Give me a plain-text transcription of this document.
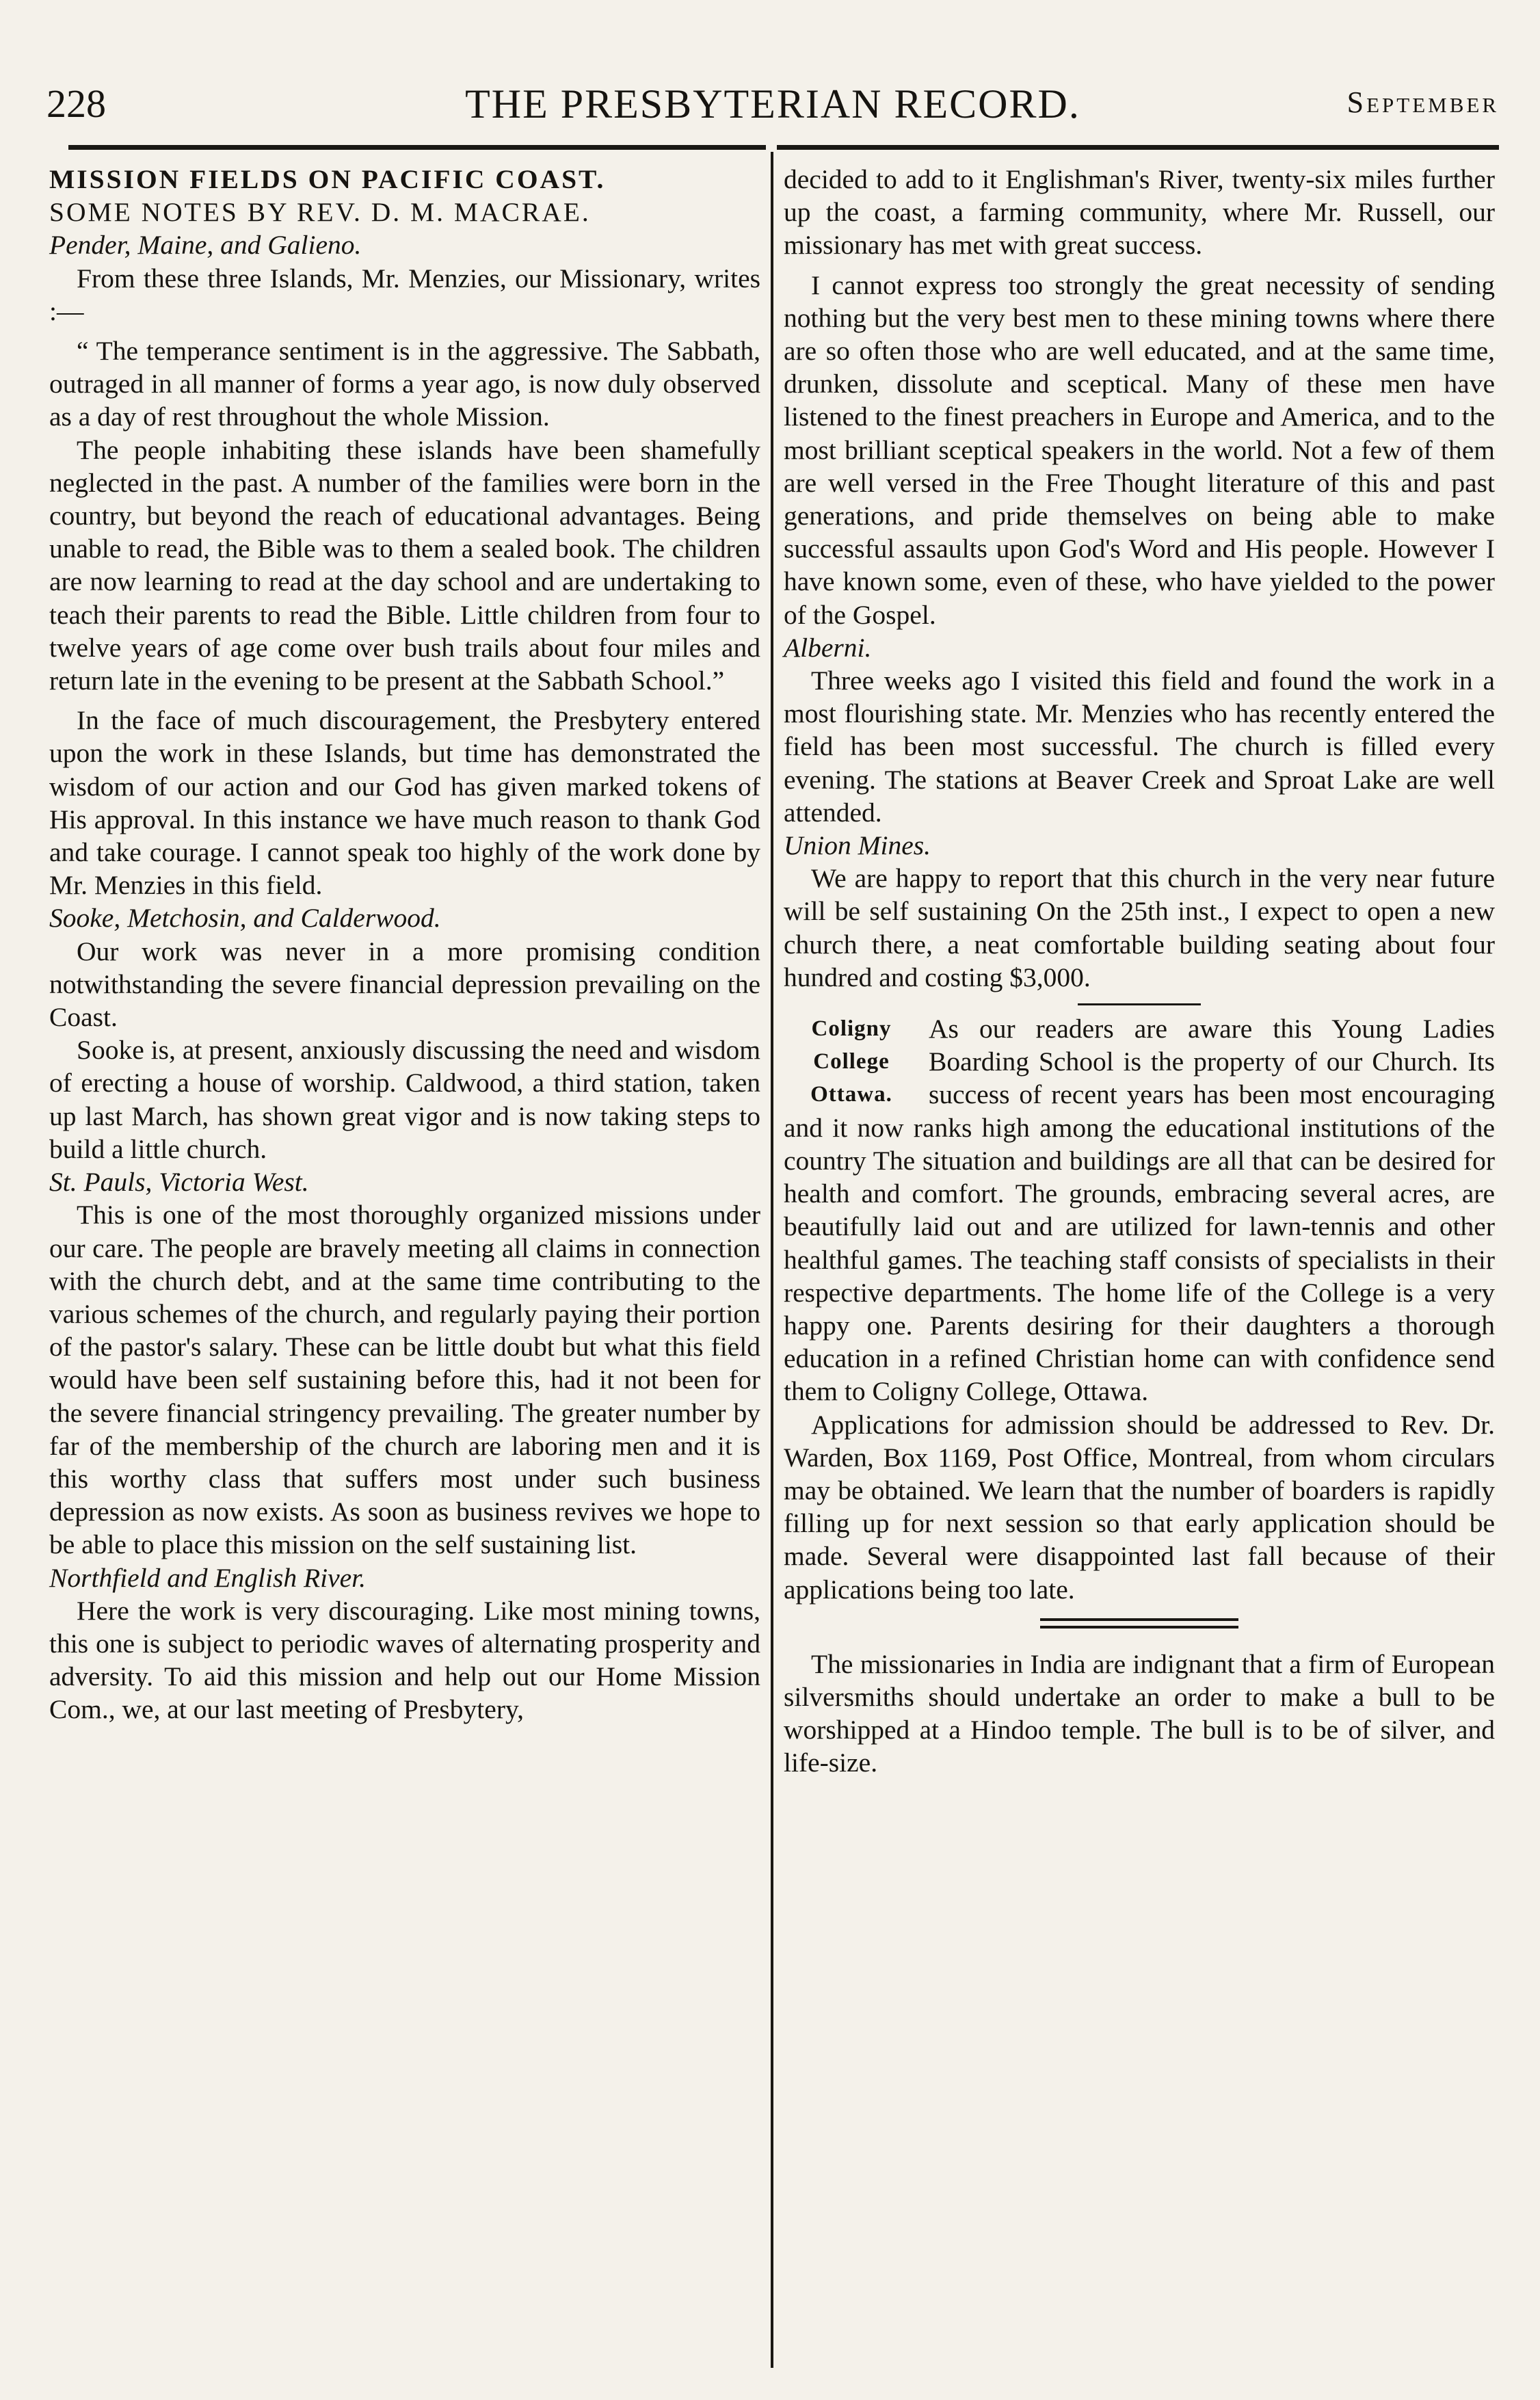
228	THE PRESBYTERIAN RECORD.	September

MISSION FIELDS ON PACIFIC COAST.

SOME NOTES BY REV. D. M. MACRAE.

Pender, Maine, and Galieno.

From these three Islands, Mr. Menzies, our Missionary, writes :—

“ The temperance sentiment is in the aggressive. The Sabbath, outraged in all manner of forms a year ago, is now duly observed as a day of rest throughout the whole Mission.

The people inhabiting these islands have been shamefully neglected in the past. A number of the families were born in the country, but beyond the reach of educational advantages. Being unable to read, the Bible was to them a sealed book. The children are now learning to read at the day school and are undertaking to teach their parents to read the Bible. Little children from four to twelve years of age come over bush trails about four miles and return late in the evening to be present at the Sabbath School.”

In the face of much discouragement, the Presbytery entered upon the work in these Islands, but time has demonstrated the wisdom of our action and our God has given marked tokens of His approval. In this instance we have much reason to thank God and take courage. I cannot speak too highly of the work done by Mr. Menzies in this field.

Sooke, Metchosin, and Calderwood.

Our work was never in a more promising condition notwithstanding the severe financial depression prevailing on the Coast.

Sooke is, at present, anxiously discussing the need and wisdom of erecting a house of worship. Caldwood, a third station, taken up last March, has shown great vigor and is now taking steps to build a little church.

St. Pauls, Victoria West.

This is one of the most thoroughly organized missions under our care. The people are bravely meeting all claims in connection with the church debt, and at the same time contributing to the various schemes of the church, and regularly paying their portion of the pastor's salary. These can be little doubt but what this field would have been self sustaining before this, had it not been for the severe financial stringency prevailing. The greater number by far of the membership of the church are laboring men and it is this worthy class that suffers most under such business depression as now exists. As soon as business revives we hope to be able to place this mission on the self sustaining list.

Northfield and English River.

Here the work is very discouraging. Like most mining towns, this one is subject to periodic waves of alternating prosperity and adversity. To aid this mission and help out our Home Mission Com., we, at our last meeting of Presbytery,

decided to add to it Englishman's River, twenty-six miles further up the coast, a farming community, where Mr. Russell, our missionary has met with great success.

I cannot express too strongly the great necessity of sending nothing but the very best men to these mining towns where there are so often those who are well educated, and at the same time, drunken, dissolute and sceptical. Many of these men have listened to the finest preachers in Europe and America, and to the most brilliant sceptical speakers in the world. Not a few of them are well versed in the Free Thought literature of this and past generations, and pride themselves on being able to make successful assaults upon God's Word and His people. However I have known some, even of these, who have yielded to the power of the Gospel.

Alberni.

Three weeks ago I visited this field and found the work in a most flourishing state. Mr. Menzies who has recently entered the field has been most successful. The church is filled every evening. The stations at Beaver Creek and Sproat Lake are well attended.

Union Mines.

We are happy to report that this church in the very near future will be self sustaining On the 25th inst., I expect to open a new church there, a neat comfortable building seating about four hundred and costing $3,000.

Coligny College Ottawa.

As our readers are aware this Young Ladies Boarding School is the property of our Church. Its success of recent years has been most encouraging and it now ranks high among the educational institutions of the country The situation and buildings are all that can be desired for health and comfort. The grounds, embracing several acres, are beautifully laid out and are utilized for lawn-tennis and other healthful games. The teaching staff consists of specialists in their respective departments. The home life of the College is a very happy one. Parents desiring for their daughters a thorough education in a refined Christian home can with confidence send them to Coligny College, Ottawa.

Applications for admission should be addressed to Rev. Dr. Warden, Box 1169, Post Office, Montreal, from whom circulars may be obtained. We learn that the number of boarders is rapidly filling up for next session so that early application should be made. Several were disappointed last fall because of their applications being too late.

The missionaries in India are indignant that a firm of European silversmiths should undertake an order to make a bull to be worshipped at a Hindoo temple. The bull is to be of silver, and life-size.
